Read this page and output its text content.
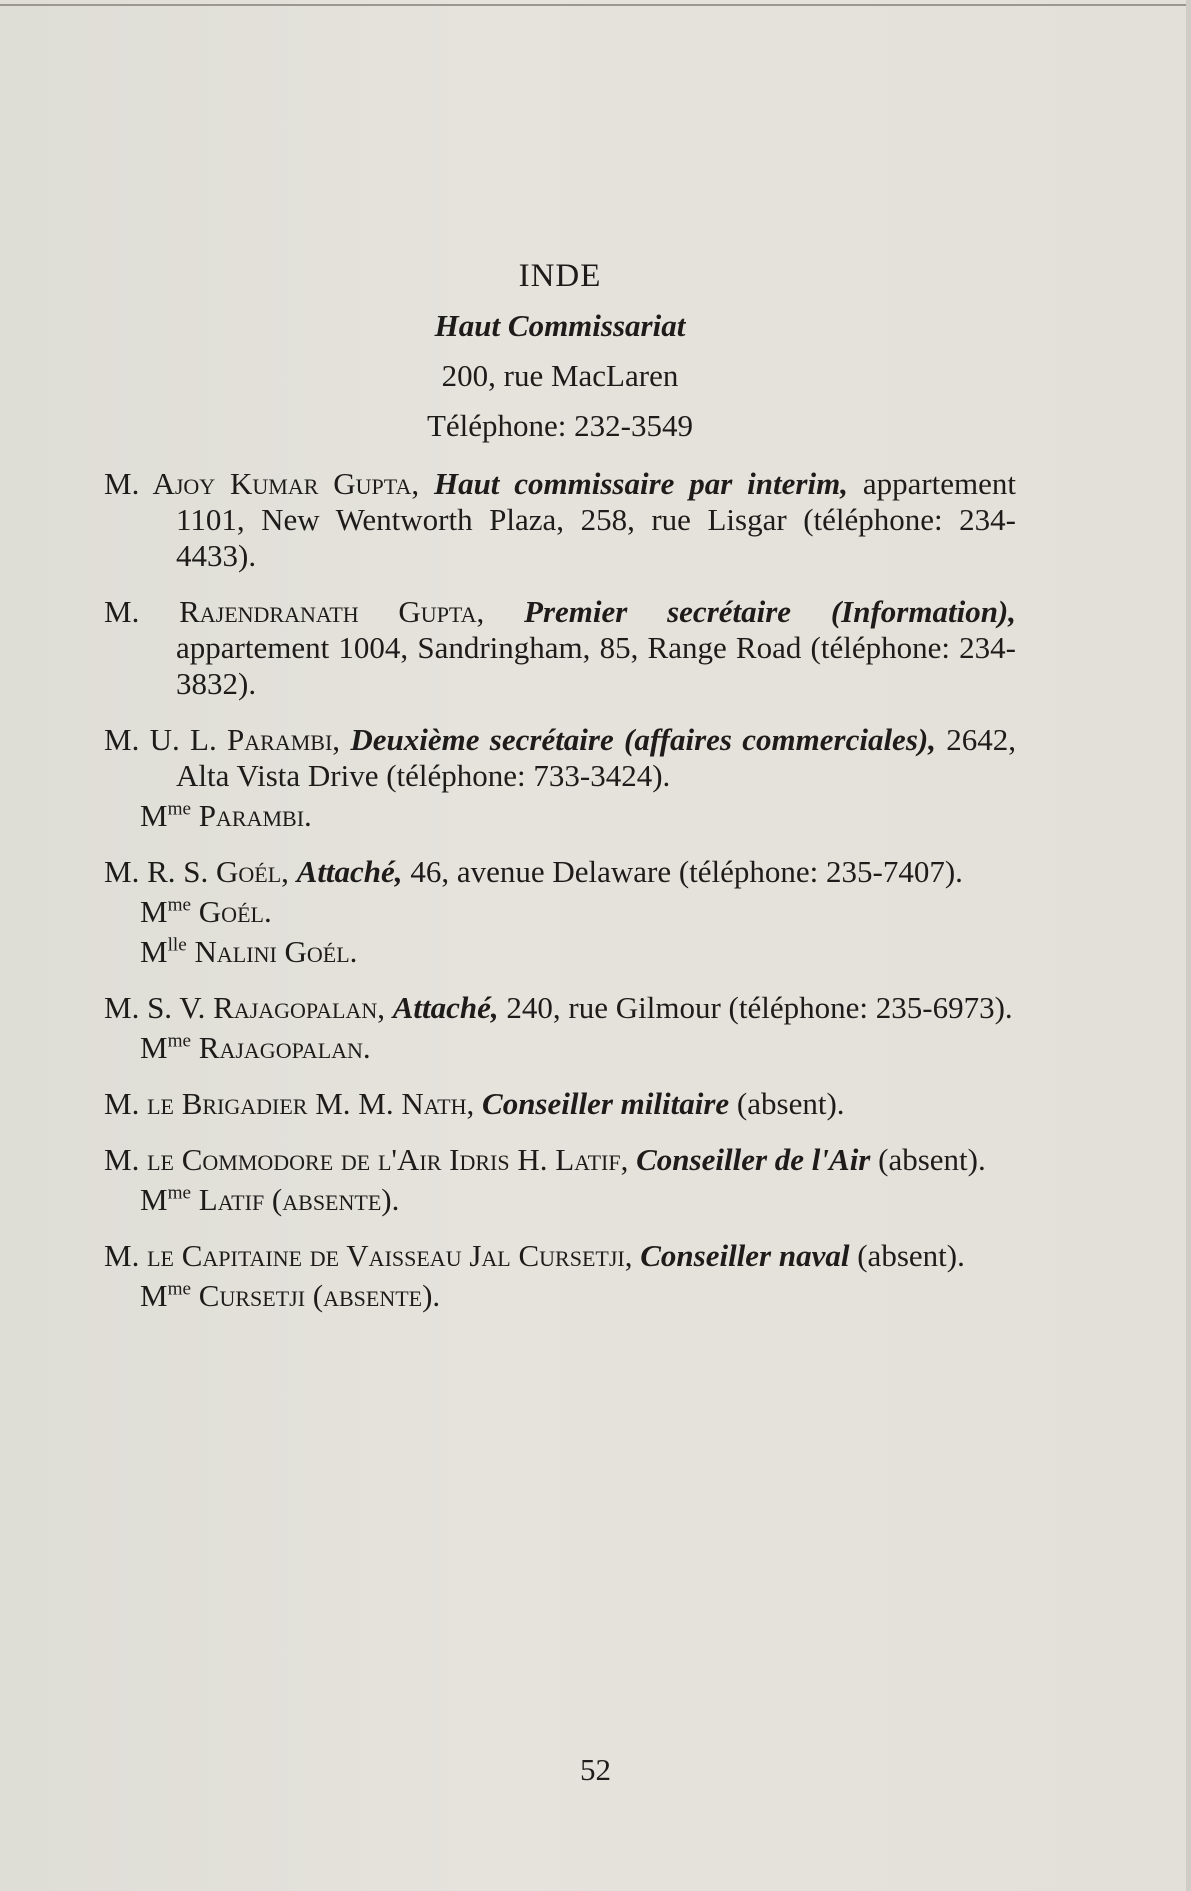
INDE
Haut Commissariat
200, rue MacLaren
Téléphone: 232-3549
M. Ajoy Kumar Gupta, Haut commissaire par interim, appartement 1101, New Wentworth Plaza, 258, rue Lisgar (téléphone: 234-4433).
M. Rajendranath Gupta, Premier secrétaire (Information), appartement 1004, Sandringham, 85, Range Road (téléphone: 234-3832).
M. U. L. Parambi, Deuxième secrétaire (affaires commerciales), 2642, Alta Vista Drive (téléphone: 733-3424).
$M^{me}$ Parambi.
M. R. S. Goél, Attaché, 46, avenue Delaware (téléphone: 235-7407).
$M^{me}$ Goél.
$M^{lle}$ Nalini Goél.
M. S. V. Rajagopalan, Attaché, 240, rue Gilmour (téléphone: 235-6973).
$M^{me}$ Rajagopalan.
M. le Brigadier M. M. Nath, Conseiller militaire (absent).
M. le Commodore de l'Air Idris H. Latif, Conseiller de l'Air (absent).
$M^{me}$ Latif (absente).
M. le Capitaine de Vaisseau Jal Cursetji, Conseiller naval (absent).
$M^{me}$ Cursetji (absente).
52
